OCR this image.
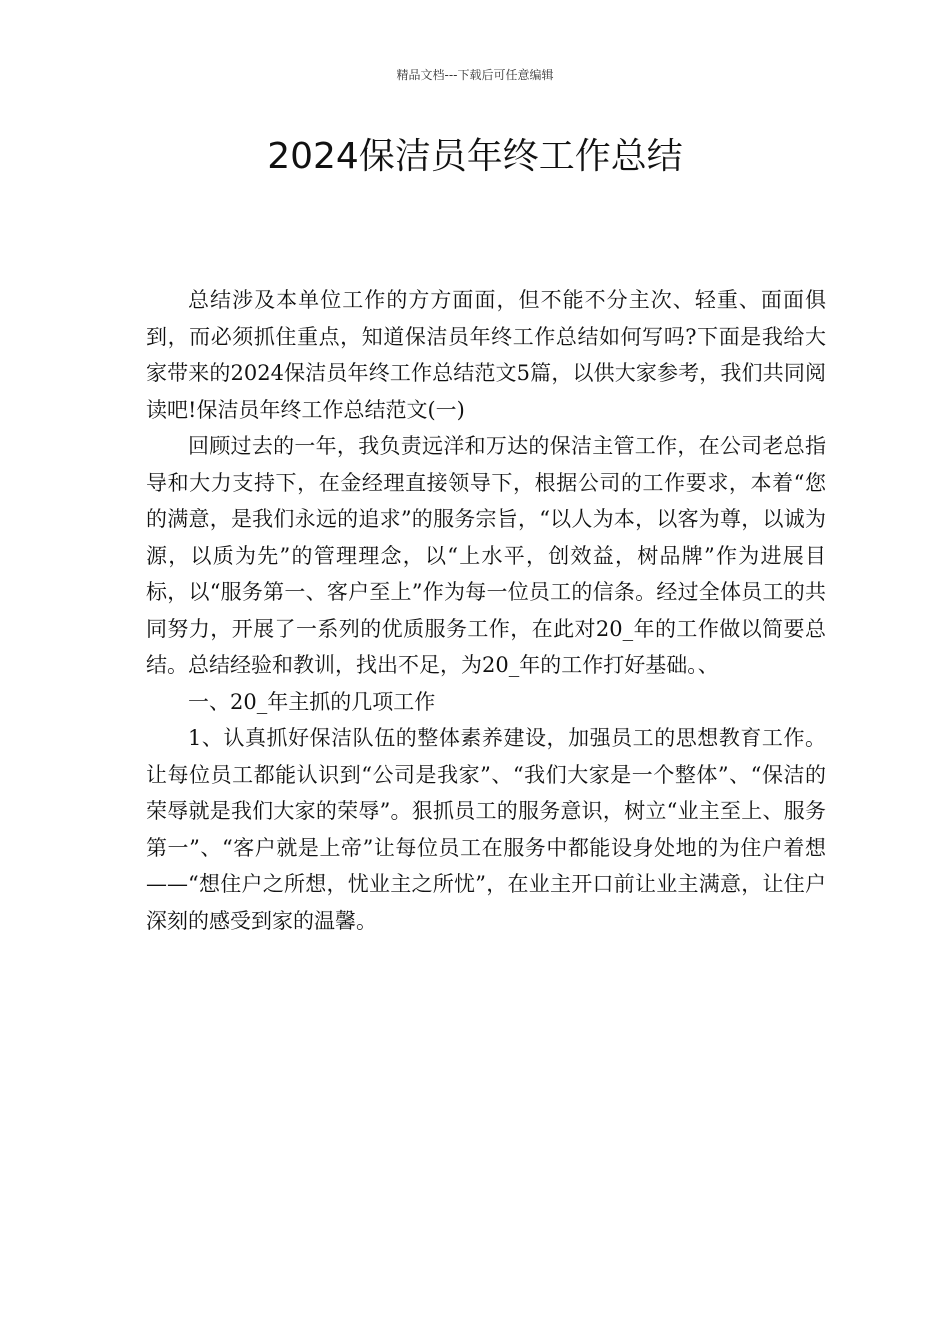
精品文档---下载后可任意编辑
2024保洁员年终工作总结

总结涉及本单位工作的方方面面，但不能不分主次、轻重、面面俱到，而必须抓住重点，知道保洁员年终工作总结如何写吗?下面是我给大家带来的2024保洁员年终工作总结范文5篇，以供大家参考，我们共同阅读吧!保洁员年终工作总结范文(一)

回顾过去的一年，我负责远洋和万达的保洁主管工作，在公司老总指导和大力支持下，在金经理直接领导下，根据公司的工作要求，本着“您的满意，是我们永远的追求”的服务宗旨，“以人为本，以客为尊，以诚为源，以质为先”的管理理念，以“上水平，创效益，树品牌”作为进展目标，以“服务第一、客户至上”作为每一位员工的信条。经过全体员工的共同努力，开展了一系列的优质服务工作，在此对20_年的工作做以简要总结。总结经验和教训，找出不足，为20_年的工作打好基础。、

一、20_年主抓的几项工作

1、认真抓好保洁队伍的整体素养建设，加强员工的思想教育工作。让每位员工都能认识到“公司是我家”、“我们大家是一个整体”、“保洁的荣辱就是我们大家的荣辱”。狠抓员工的服务意识，树立“业主至上、服务第一”、“客户就是上帝”让每位员工在服务中都能设身处地的为住户着想——“想住户之所想，忧业主之所忧”，在业主开口前让业主满意，让住户深刻的感受到家的温馨。
